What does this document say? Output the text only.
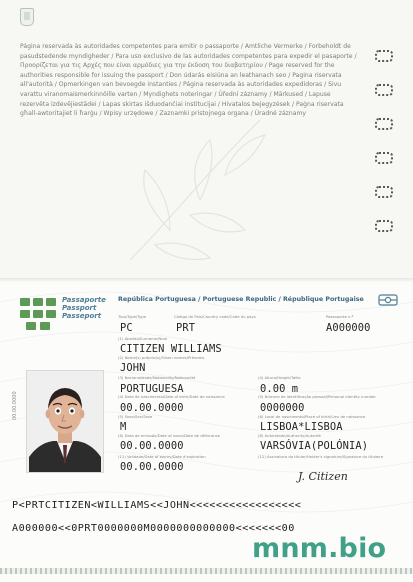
Página reservada às autoridades competentes para emitir o passaporte / Amtliche Vermerke / Forbeholdt de pasudstedende myndigheder / Para uso exclusivo de las autoridades competentes para expedir el pasaporte / Προορίζεται για τις Αρχές που είναι αρμόδιες για την έκδοση του διαβατηρίου / Page reserved for the authorities responsible for issuing the passport / Don údarás eisiúna an leathanach seo / Pagina riservata all'autorità / Opmerkingen van bevoegde instanties / Página reservada às autoridades expedidoras / Sivu varattu viranomaismerkinnöille varten / Myndighets noteringar / Úřední záznamy / Märkused / Lapuse rezervēta izdevējiestādei / Lapas skirtas išduodančiai institucijai / Hivatalos bejegyzések / Paġna riservata għall-awtoritajiet li ħarġu / Wpisy urzędowe / Zaznamki pristojnega organa / Úradné záznamy

Passaporte
Passport
Passeport
República Portuguesa / Portuguese Republic / République Portugaise
Tipo/Type/Type
PC
Código do País/Country code/Code du pays
PRT
Passaporte n.º
A000000
(1) Apelido/Surname/Nom
CITIZEN WILLIAMS
(2) Nome(s) próprio(s)/Given names/Prénoms
JOHN
(3) Nacionalidade/Nationality/Nationalité
PORTUGUESA
(4) Altura/Height/Taille
0.00 m
(4) Data de nascimento/Date of birth/Date de naissance
00.00.0000
(5) Número de identificação pessoal/Personal identity number
0000000
(5) Sexo/Sex/Sexe
M
(6) Local de nascimento/Place of birth/Lieu de naissance
LISBOA*LISBOA
(6) Data de emissão/Date of issue/Date de délivrance
00.00.0000
(8) Autoridade/Authority/Autorité
VARSÓVIA(POLÓNIA)
(11) Validade/Date of expiry/Date d'expiration
00.00.0000
(12) Assinatura do titular/Holder's signature/Signature du titulaire
J. Citizen
00.00.0000
P<PRTCITIZEN<WILLIAMS<<JOHN<<<<<<<<<<<<<<<<<
A000000<<0PRT0000000M0000000000000<<<<<<<00
mnm.bio
